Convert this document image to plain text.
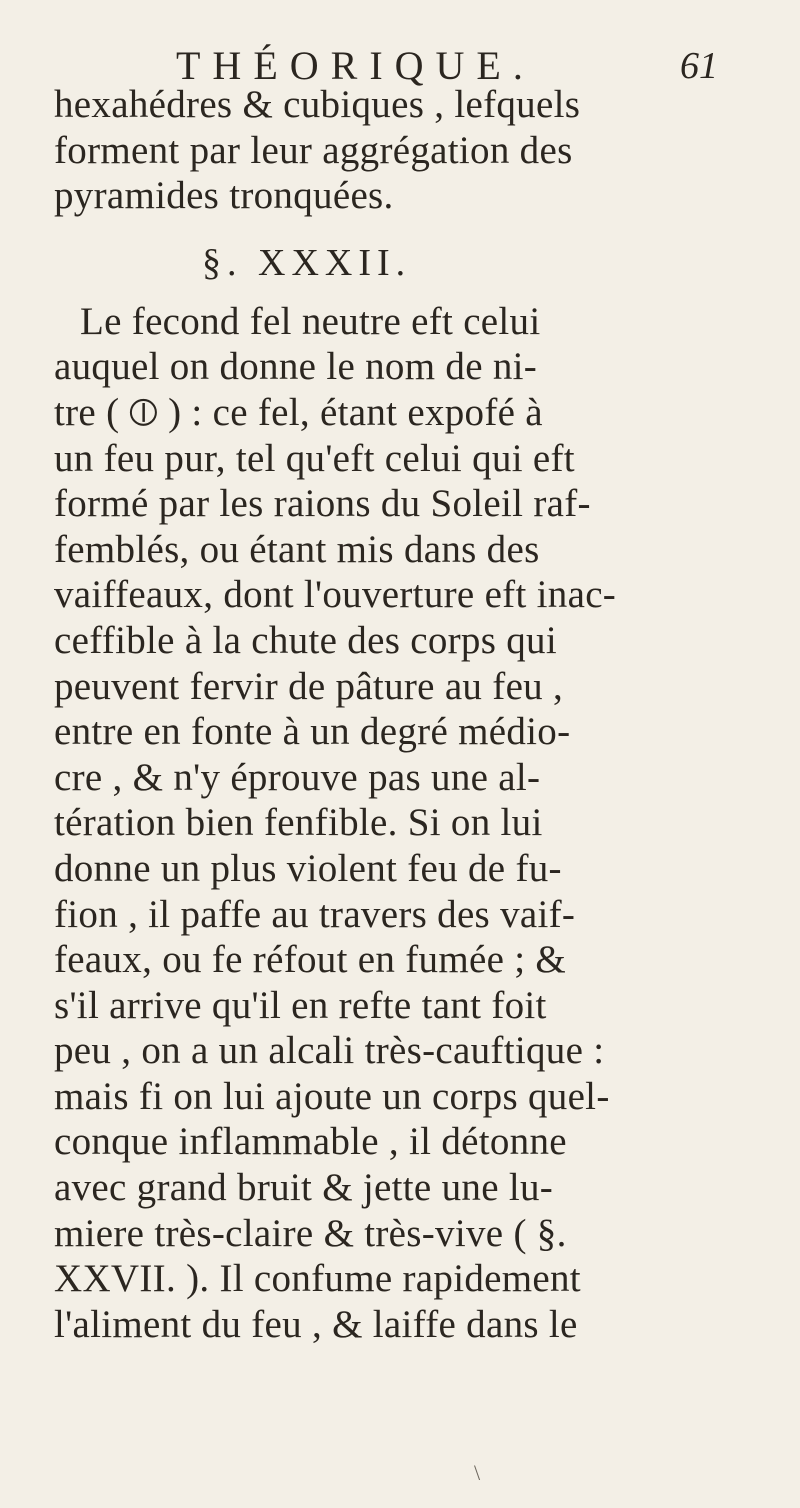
THÉORIQUE.	61
hexahédres & cubiques , lefquels
forment par leur aggrégation des
pyramides tronquées.
§. XXXII.
Le fecond fel neutre eft celui
auquel on donne le nom de ni-
tre ( ⦶ ) : ce fel, étant expofé à
un feu pur, tel qu'eft celui qui eft
formé par les raions du Soleil raf-
femblés, ou étant mis dans des
vaiffeaux, dont l'ouverture eft inac-
ceffible à la chute des corps qui
peuvent fervir de pâture au feu ,
entre en fonte à un degré médio-
cre , & n'y éprouve pas une al-
tération bien fenfible. Si on lui
donne un plus violent feu de fu-
fion , il paffe au travers des vaif-
feaux, ou fe réfout en fumée ; &
s'il arrive qu'il en refte tant foit
peu , on a un alcali très-cauftique :
mais fi on lui ajoute un corps quel-
conque inflammable , il détonne
avec grand bruit & jette une lu-
miere très-claire & très-vive ( §.
XXVII. ). Il confume rapidement
l'aliment du feu , & laiffe dans le
\
